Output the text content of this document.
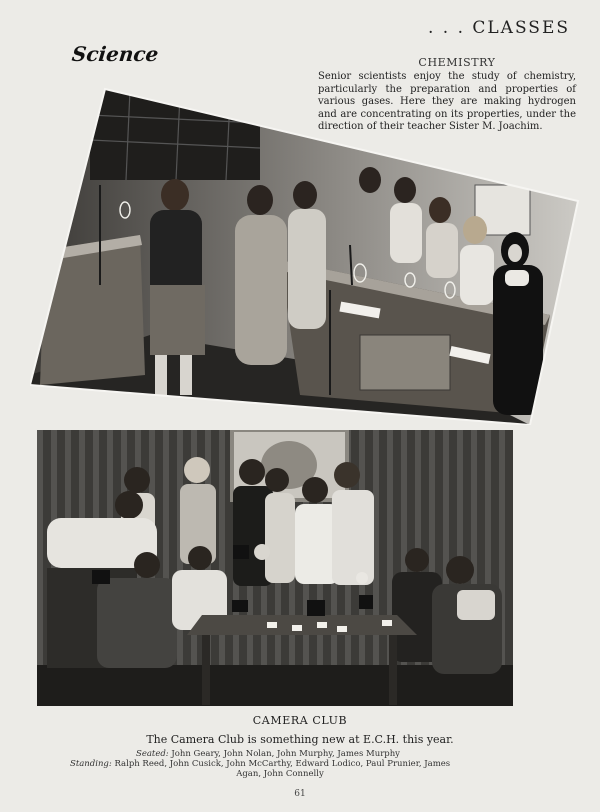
. . . CLASSES
Science	CHEMISTRY
Senior scientists enjoy the study of chemistry, particularly the preparation and properties of various gases. Here they are making hydrogen and are concentrating on its properties, under the direction of their teacher Sister M. Joachim.
CAMERA CLUB
The Camera Club is something new at E.C.H. this year.
Seated: John Geary, John Nolan, John Murphy, James Murphy
Standing: Ralph Reed, John Cusick, John McCarthy, Edward Lodico, Paul Prunier, James
Agan, John Connelly
61
